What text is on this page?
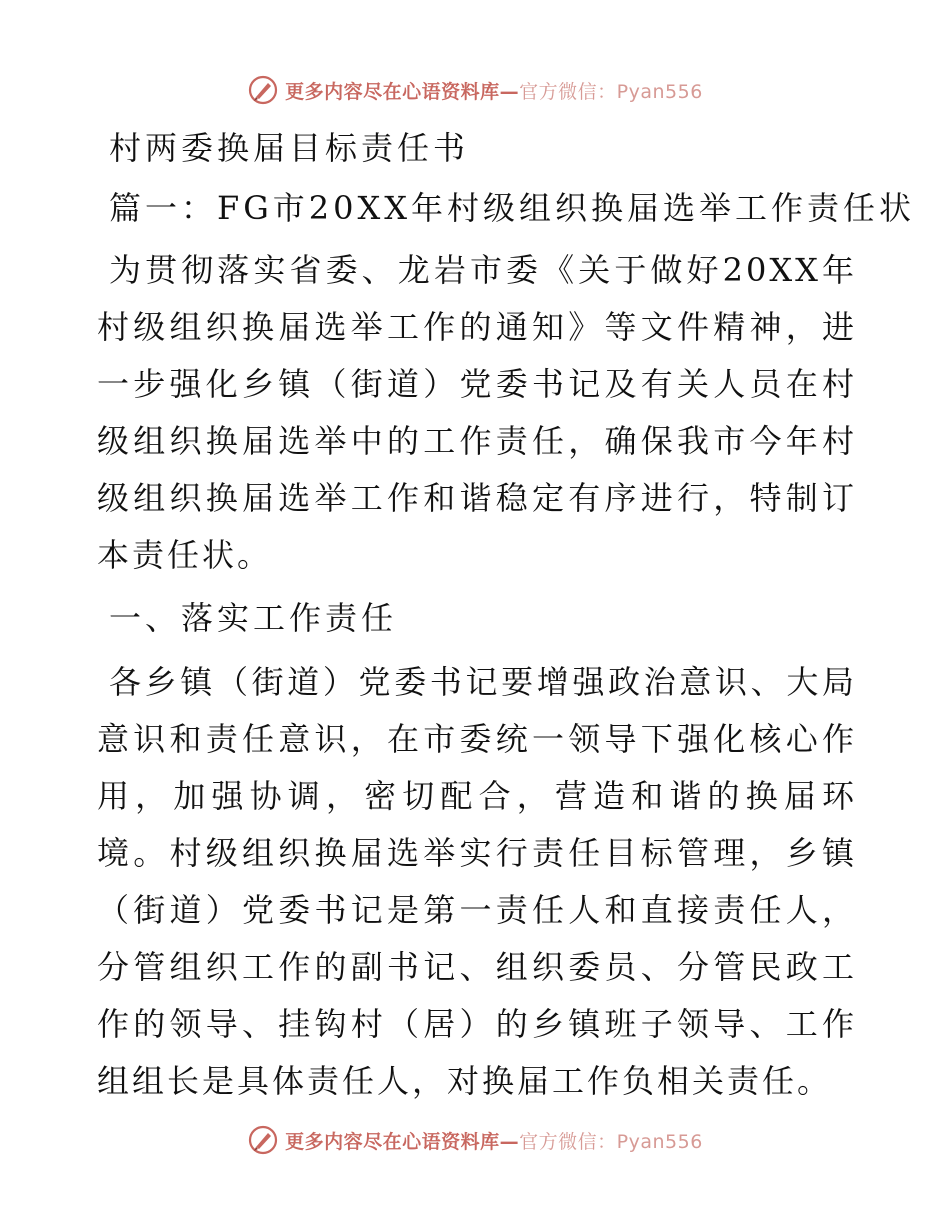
更多内容尽在心语资料库—官方微信：Pyan556
村两委换届目标责任书
篇一：FG市20XX年村级组织换届选举工作责任状

为贯彻落实省委、龙岩市委《关于做好20XX年村级组织换届选举工作的通知》等文件精神，进一步强化乡镇（街道）党委书记及有关人员在村级组织换届选举中的工作责任，确保我市今年村级组织换届选举工作和谐稳定有序进行，特制订本责任状。

一、落实工作责任

各乡镇（街道）党委书记要增强政治意识、大局意识和责任意识，在市委统一领导下强化核心作用，加强协调，密切配合，营造和谐的换届环境。村级组织换届选举实行责任目标管理，乡镇（街道）党委书记是第一责任人和直接责任人，分管组织工作的副书记、组织委员、分管民政工作的领导、挂钩村（居）的乡镇班子领导、工作组组长是具体责任人，对换届工作负相关责任。

更多内容尽在心语资料库—官方微信：Pyan556
